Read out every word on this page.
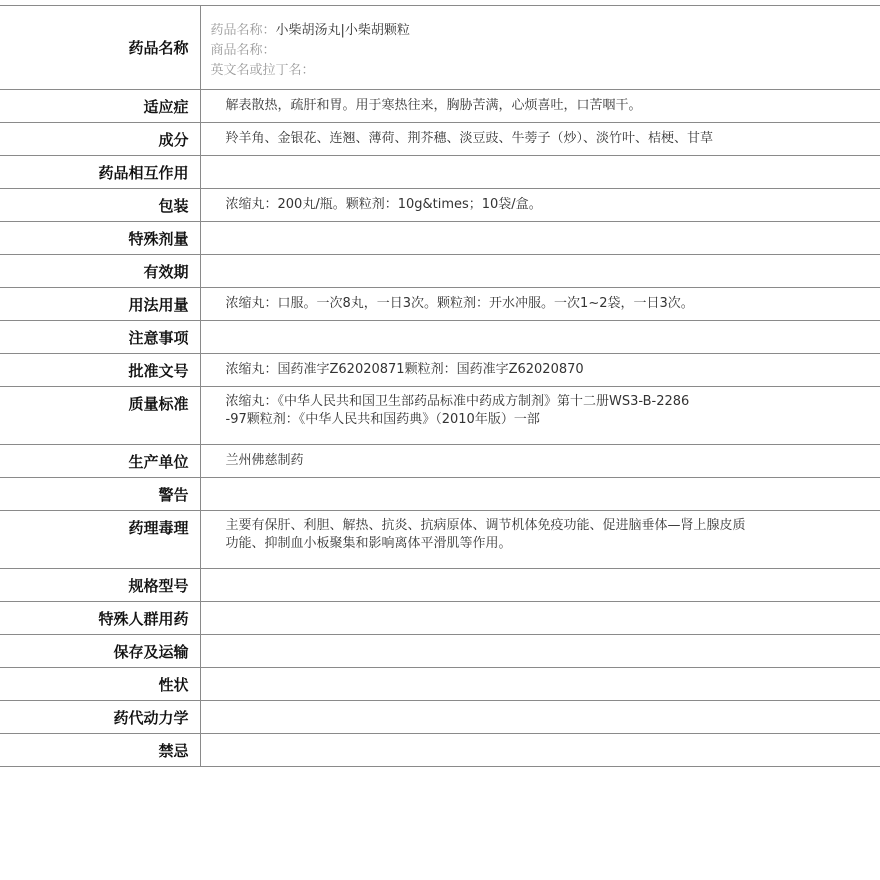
药品名称	药品名称：小柴胡汤丸|小柴胡颗粒
商品名称：
英文名或拉丁名：

适应症	解表散热，疏肝和胃。用于寒热往来，胸胁苦满，心烦喜吐，口苦咽干。
成分	羚羊角、金银花、连翘、薄荷、荆芥穗、淡豆豉、牛蒡子（炒）、淡竹叶、桔梗、甘草
药品相互作用	
包装	浓缩丸：200丸/瓶。颗粒剂：10g&times；10袋/盒。
特殊剂量	
有效期	
用法用量	浓缩丸：口服。一次8丸，一日3次。颗粒剂：开水冲服。一次1~2袋，一日3次。
注意事项	
批准文号	浓缩丸：国药准字Z62020871颗粒剂：国药准字Z62020870
质量标准	浓缩丸：《中华人民共和国卫生部药品标准中药成方制剂》第十二册WS3-B-2286
-97颗粒剂：《中华人民共和国药典》（2010年版）一部

生产单位	兰州佛慈制药
警告	
药理毒理	主要有保肝、利胆、解热、抗炎、抗病原体、调节机体免疫功能、促进脑垂体—肾上腺皮质
功能、抑制血小板聚集和影响离体平滑肌等作用。

规格型号	
特殊人群用药	
保存及运输	
性状	
药代动力学	
禁忌	
